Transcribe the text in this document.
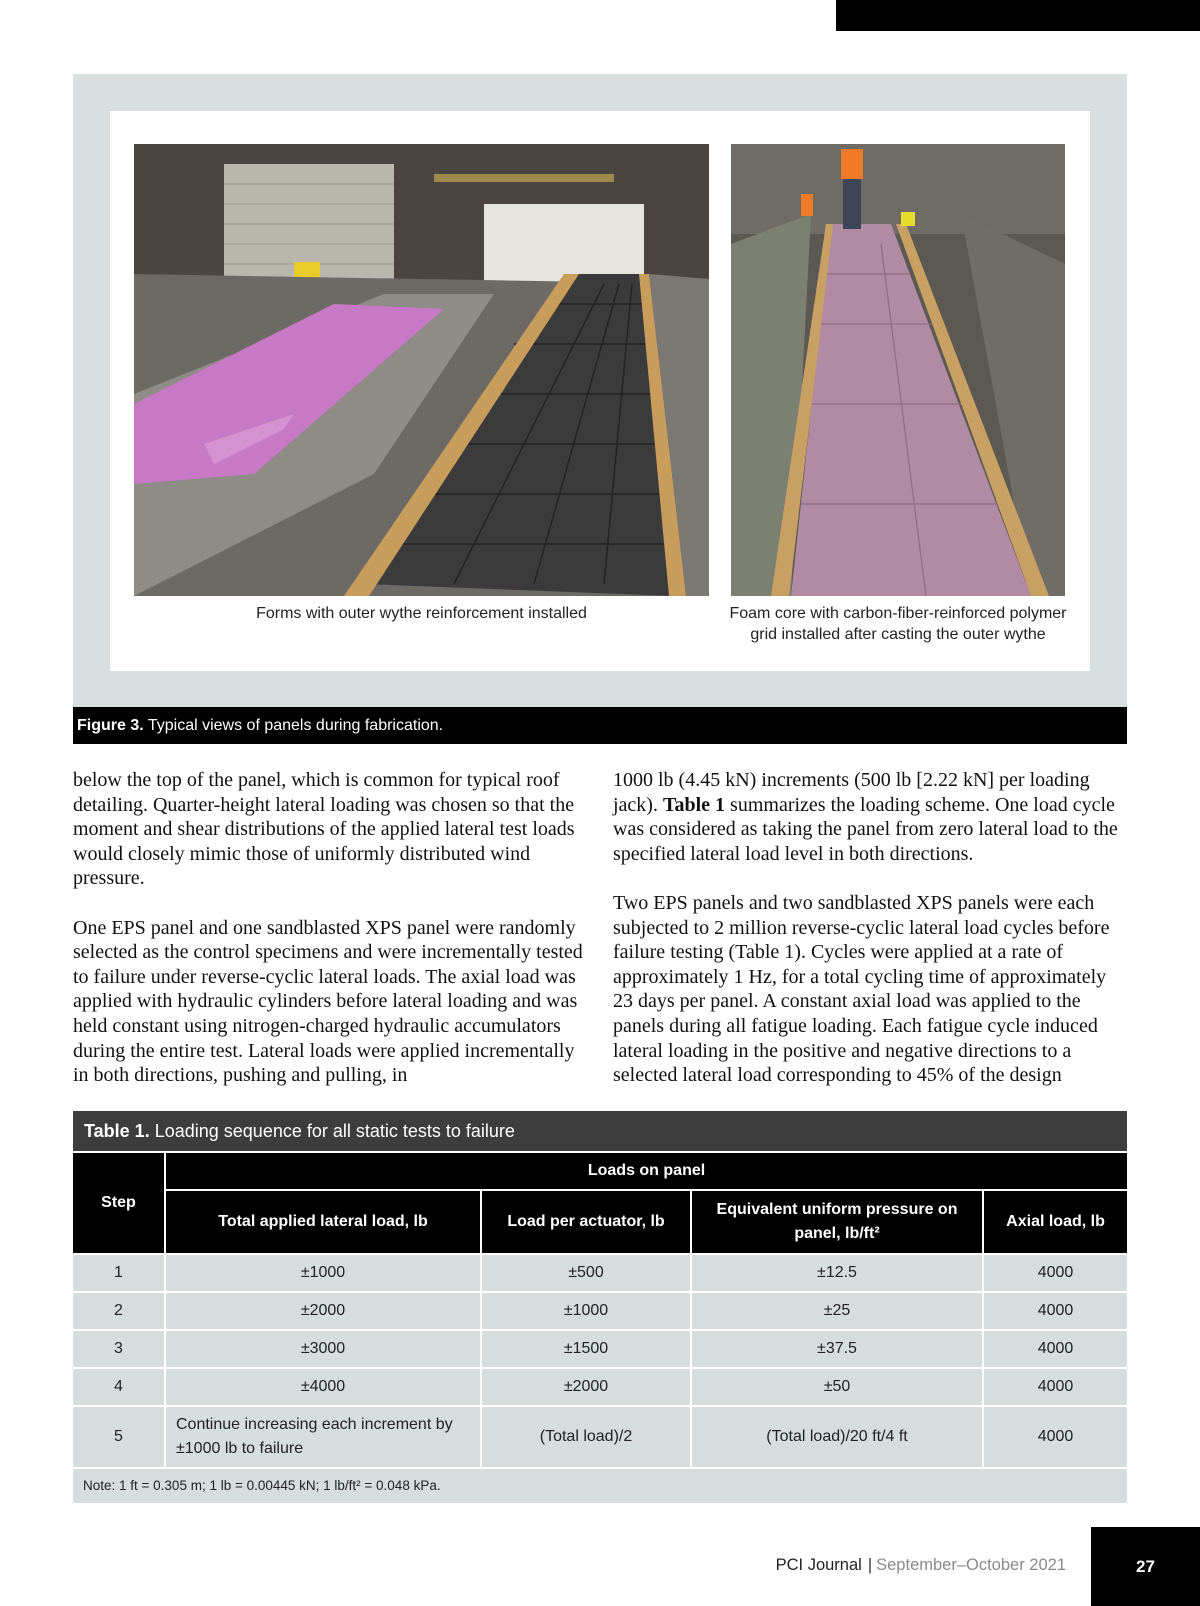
Forms with outer wythe reinforcement installed	Foam core with carbon-fiber-reinforced polymer grid installed after casting the outer wythe
Figure 3. Typical views of panels during fabrication.

below the top of the panel, which is common for typical roof detailing. Quarter-height lateral loading was chosen so that the moment and shear distributions of the applied lateral test loads would closely mimic those of uniformly distributed wind pressure.

One EPS panel and one sandblasted XPS panel were randomly selected as the control specimens and were incrementally tested to failure under reverse-cyclic lateral loads. The axial load was applied with hydraulic cylinders before lateral loading and was held constant using nitrogen-charged hydraulic accumulators during the entire test. Lateral loads were applied incrementally in both directions, pushing and pulling, in

1000 lb (4.45 kN) increments (500 lb [2.22 kN] per loading jack). Table 1 summarizes the loading scheme. One load cycle was considered as taking the panel from zero lateral load to the specified lateral load level in both directions.

Two EPS panels and two sandblasted XPS panels were each subjected to 2 million reverse-cyclic lateral load cycles before failure testing (Table 1). Cycles were applied at a rate of approximately 1 Hz, for a total cycling time of approximately 23 days per panel. A constant axial load was applied to the panels during all fatigue loading. Each fatigue cycle induced lateral loading in the positive and negative directions to a selected lateral load corresponding to 45% of the design

Table 1. Loading sequence for all static tests to failure
Step	Loads on panel			
	Total applied lateral load, lb	Load per actuator, lb	Equivalent uniform pressure on panel, lb/ft²	Axial load, lb
1	±1000	±500	±12.5	4000
2	±2000	±1000	±25	4000
3	±3000	±1500	±37.5	4000
4	±4000	±2000	±50	4000
5	Continue increasing each increment by ±1000 lb to failure	(Total load)/2	(Total load)/20 ft/4 ft	4000
Note: 1 ft = 0.305 m; 1 lb = 0.00445 kN; 1 lb/ft² = 0.048 kPa.				
PCI Journal | September–October 2021	27
